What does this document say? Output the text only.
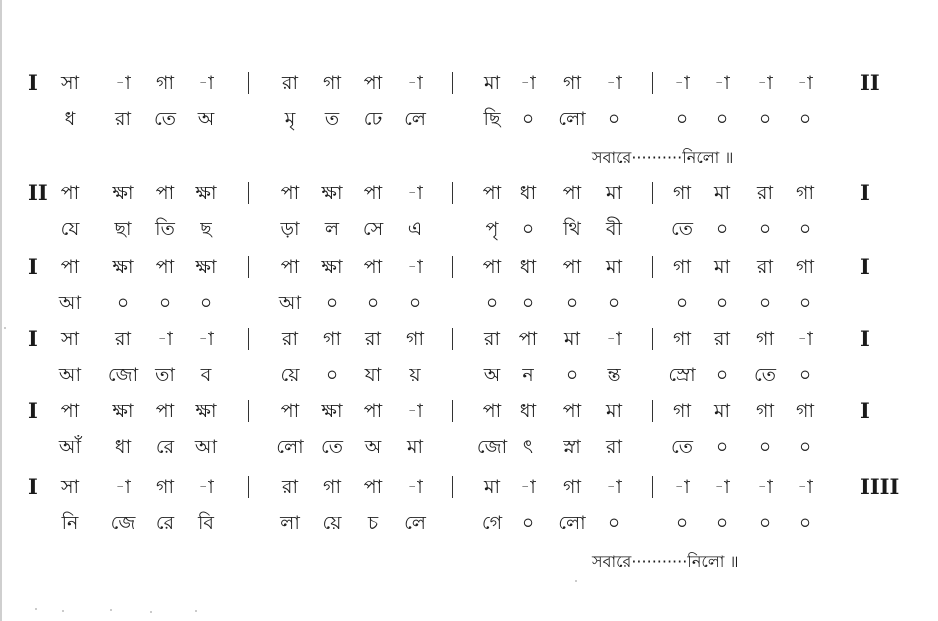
I সা -া গা -া	রা গা পা -া	মা -া গা -া	-া -া -া -া II
ধ রা তে অ	মৃ ত ঢে লে	ছি ০ লো ০	০ ০ ০ ০
সবারে··········নিলো ॥
II পা ক্ষা পা ক্ষা	পা ক্ষা পা -া	পা ধা পা মা	গা মা রা গা I
যে ছা তি ছ	ড়া ল সে এ	পৃ ০ থি বী	তে ০ ০ ০
I পা ক্ষা পা ক্ষা	পা ক্ষা পা -া	পা ধা পা মা	গা মা রা গা I
আ ০ ০ ০	আ ০ ০ ০	০ ০ ০ ০	০ ০ ০ ০
I সা রা -া -া	রা গা রা গা	রা পা মা -া	গা রা গা -া I
আ জো তা ব	য়ে ০ যা য়	অ ন ০ ন্ত	স্রো ০ তে ০
I পা ক্ষা পা ক্ষা	পা ক্ষা পা -া	পা ধা পা মা	গা মা গা গা I
আঁ ধা রে আ	লো তে অ মা	জো ৎ স্না রা	তে ০ ০ ০
I সা -া গা -া	রা গা পা -া	মা -া গা -া	-া -া -া -া IIII
নি জে রে বি	লা য়ে চ লে	গে ০ লো ০	০ ০ ০ ০
সবারে···········নিলো ॥
